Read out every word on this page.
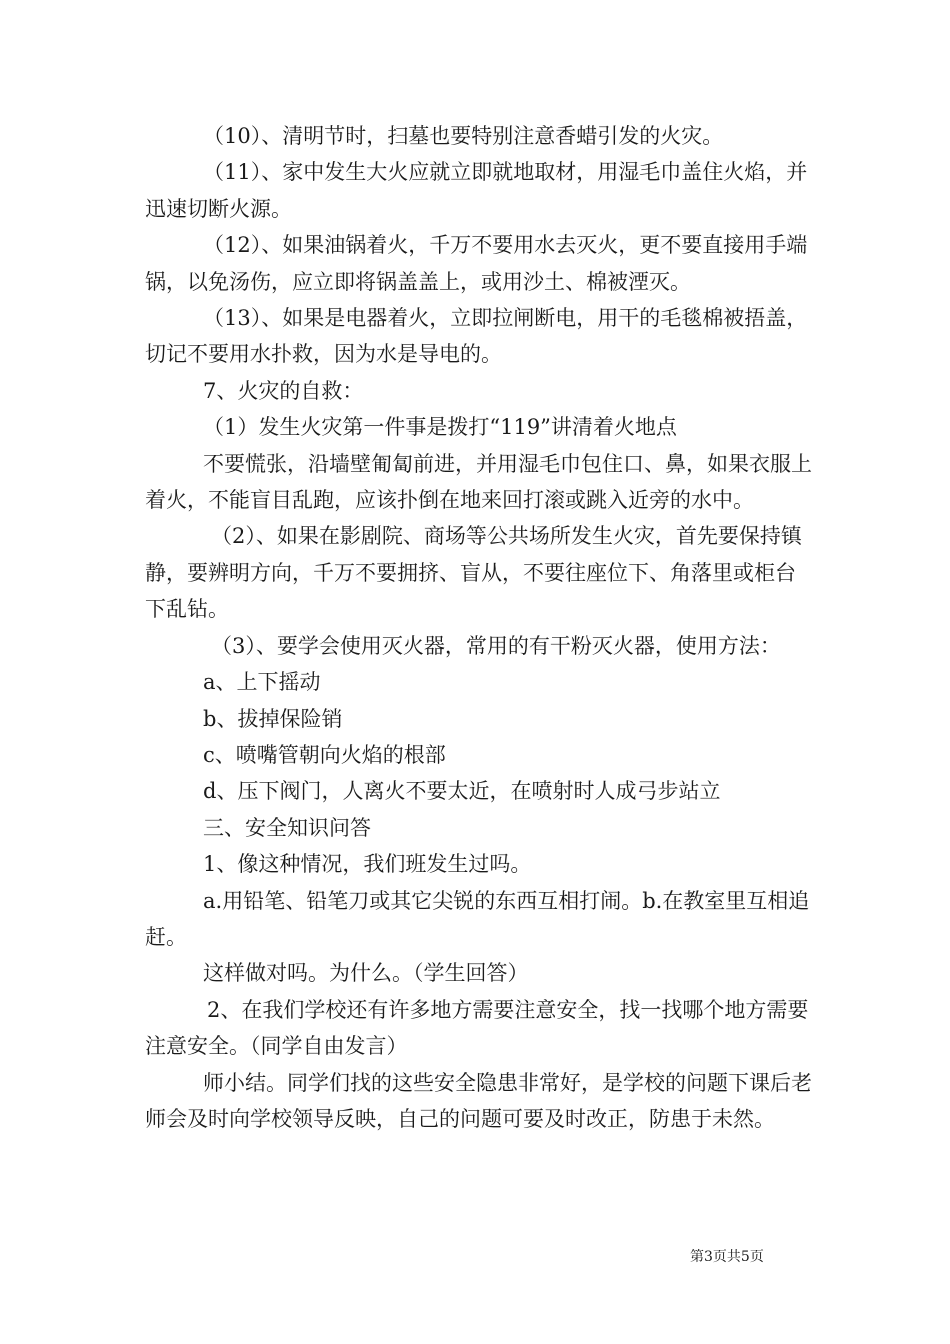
（10）、清明节时，扫墓也要特别注意香蜡引发的火灾。

（11）、家中发生大火应就立即就地取材，用湿毛巾盖住火焰，并迅速切断火源。

（12）、如果油锅着火，千万不要用水去灭火，更不要直接用手端锅，以免汤伤，应立即将锅盖盖上，或用沙土、棉被湮灭。

（13）、如果是电器着火，立即拉闸断电，用干的毛毯棉被捂盖，切记不要用水扑救，因为水是导电的。

7、火灾的自救：

（1）发生火灾第一件事是拨打“119”讲清着火地点

不要慌张，沿墙壁匍匐前进，并用湿毛巾包住口、鼻，如果衣服上着火，不能盲目乱跑，应该扑倒在地来回打滚或跳入近旁的水中。

（2）、如果在影剧院、商场等公共场所发生火灾，首先要保持镇静，要辨明方向，千万不要拥挤、盲从，不要往座位下、角落里或柜台下乱钻。

（3）、要学会使用灭火器，常用的有干粉灭火器，使用方法：

a、上下摇动

b、拔掉保险销

c、喷嘴管朝向火焰的根部

d、压下阀门，人离火不要太近，在喷射时人成弓步站立

三、安全知识问答

1、像这种情况，我们班发生过吗。

a.用铅笔、铅笔刀或其它尖锐的东西互相打闹。b.在教室里互相追赶。

这样做对吗。为什么。（学生回答）

2、在我们学校还有许多地方需要注意安全，找一找哪个地方需要注意安全。（同学自由发言）

师小结。同学们找的这些安全隐患非常好，是学校的问题下课后老师会及时向学校领导反映，自己的问题可要及时改正，防患于未然。

第3页共5页
